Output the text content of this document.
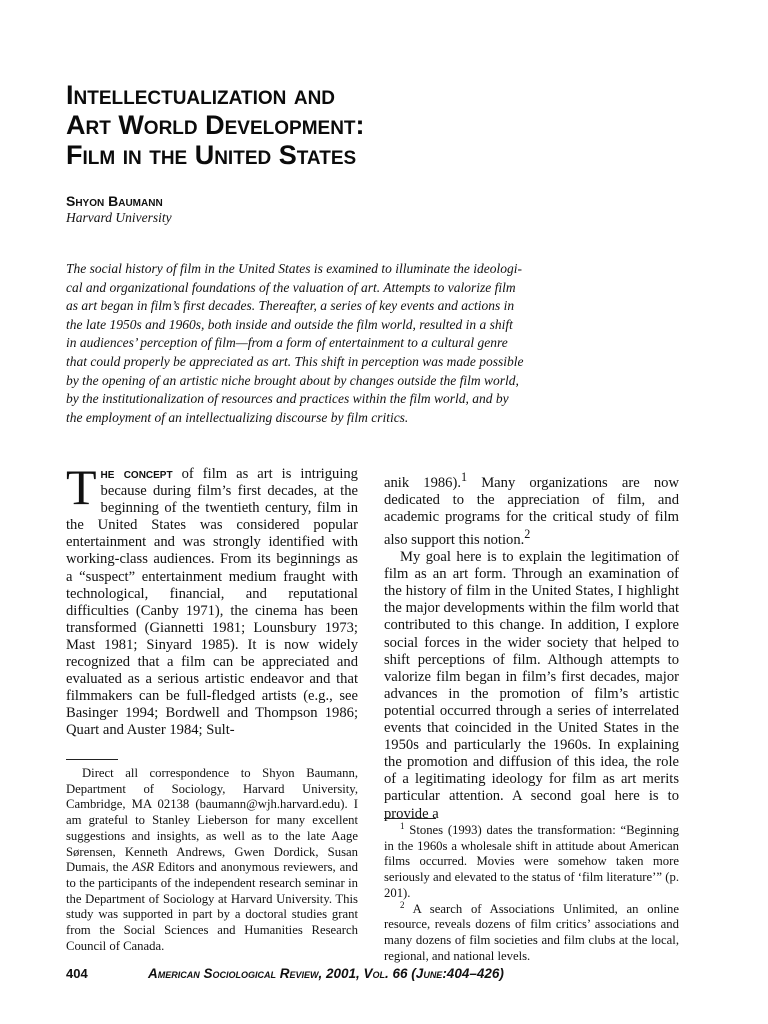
Intellectualization and
Art World Development:
Film in the United States
Shyon Baumann
Harvard University
The social history of film in the United States is examined to illuminate the ideologi-
cal and organizational foundations of the valuation of art. Attempts to valorize film
as art began in film’s first decades. Thereafter, a series of key events and actions in
the late 1950s and 1960s, both inside and outside the film world, resulted in a shift
in audiences’ perception of film—from a form of entertainment to a cultural genre
that could properly be appreciated as art. This shift in perception was made possible
by the opening of an artistic niche brought about by changes outside the film world,
by the institutionalization of resources and practices within the film world, and by
the employment of an intellectualizing discourse by film critics.

The concept of film as art is intriguing because during film’s first decades, at the beginning of the twentieth century, film in the United States was considered popular entertainment and was strongly identified with working-class audiences. From its beginnings as a “suspect” entertainment medium fraught with technological, financial, and reputational difficulties (Canby 1971), the cinema has been transformed (Giannetti 1981; Lounsbury 1973; Mast 1981; Sinyard 1985). It is now widely recognized that a film can be appreciated and evaluated as a serious artistic endeavor and that filmmakers can be full-fledged artists (e.g., see Basinger 1994; Bordwell and Thompson 1986; Quart and Auster 1984; Sult-

Direct all correspondence to Shyon Baumann, Department of Sociology, Harvard University, Cambridge, MA 02138 (baumann@wjh.harvard.edu). I am grateful to Stanley Lieberson for many excellent suggestions and insights, as well as to the late Aage Sørensen, Kenneth Andrews, Gwen Dordick, Susan Dumais, the ASR Editors and anonymous reviewers, and to the participants of the independent research seminar in the Department of Sociology at Harvard University. This study was supported in part by a doctoral studies grant from the Social Sciences and Humanities Research Council of Canada.

anik 1986).$^1$ Many organizations are now dedicated to the appreciation of film, and academic programs for the critical study of film also support this notion.$^2$

My goal here is to explain the legitimation of film as an art form. Through an examination of the history of film in the United States, I highlight the major developments within the film world that contributed to this change. In addition, I explore social forces in the wider society that helped to shift perceptions of film. Although attempts to valorize film began in film’s first decades, major advances in the promotion of film’s artistic potential occurred through a series of interrelated events that coincided in the United States in the 1950s and particularly the 1960s. In explaining the promotion and diffusion of this idea, the role of a legitimating ideology for film as art merits particular attention. A second goal here is to provide a

$^1$ Stones (1993) dates the transformation: “Beginning in the 1960s a wholesale shift in attitude about American films occurred. Movies were somehow taken more seriously and elevated to the status of ‘film literature’” (p. 201).

$^2$ A search of Associations Unlimited, an online resource, reveals dozens of film critics’ associations and many dozens of film societies and film clubs at the local, regional, and national levels.

404	American Sociological Review, 2001, Vol. 66 (June:404–426)
